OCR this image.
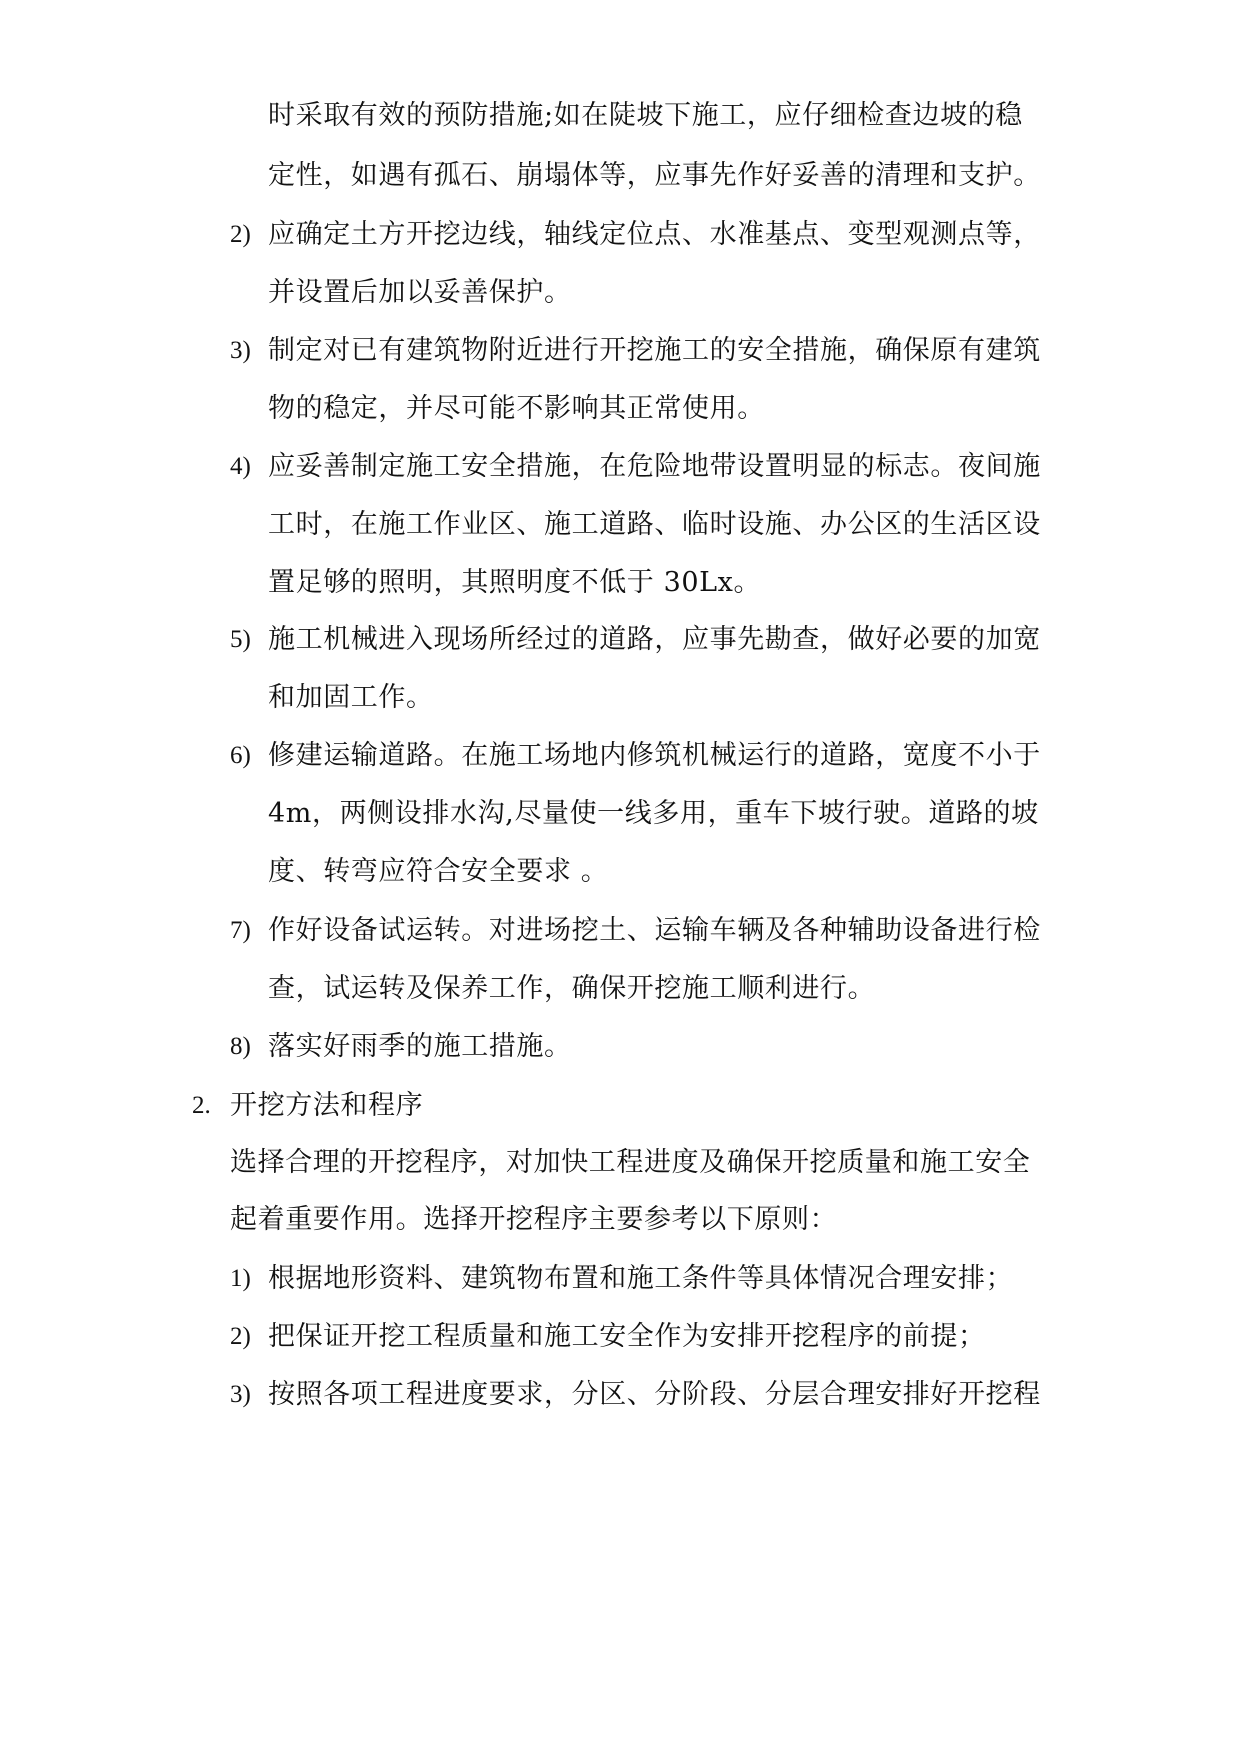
时采取有效的预防措施;如在陡坡下施工，应仔细检查边坡的稳
定性，如遇有孤石、崩塌体等，应事先作好妥善的清理和支护。
2) 应确定土方开挖边线，轴线定位点、水准基点、变型观测点等，
并设置后加以妥善保护。
3) 制定对已有建筑物附近进行开挖施工的安全措施，确保原有建筑
物的稳定，并尽可能不影响其正常使用。
4) 应妥善制定施工安全措施，在危险地带设置明显的标志。夜间施
工时，在施工作业区、施工道路、临时设施、办公区的生活区设
置足够的照明，其照明度不低于 30Lx。
5) 施工机械进入现场所经过的道路，应事先勘查，做好必要的加宽
和加固工作。
6) 修建运输道路。在施工场地内修筑机械运行的道路，宽度不小于
4m，两侧设排水沟,尽量使一线多用，重车下坡行驶。道路的坡
度、转弯应符合安全要求 。
7) 作好设备试运转。对进场挖土、运输车辆及各种辅助设备进行检
查，试运转及保养工作，确保开挖施工顺利进行。
8) 落实好雨季的施工措施。
2. 开挖方法和程序
选择合理的开挖程序，对加快工程进度及确保开挖质量和施工安全
起着重要作用。选择开挖程序主要参考以下原则：
1) 根据地形资料、建筑物布置和施工条件等具体情况合理安排；
2) 把保证开挖工程质量和施工安全作为安排开挖程序的前提；
3) 按照各项工程进度要求，分区、分阶段、分层合理安排好开挖程
